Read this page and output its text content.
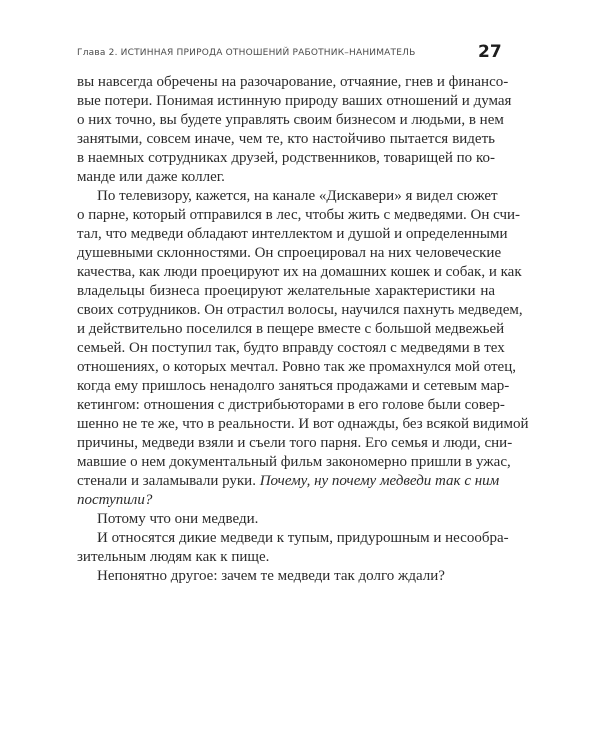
Глава 2. ИСТИННАЯ ПРИРОДА ОТНОШЕНИЙ РАБОТНИК–НАНИМАТЕЛЬ	27
вы навсегда обречены на разочарование, отчаяние, гнев и финансо-
вые потери. Понимая истинную природу ваших отношений и думая
о них точно, вы будете управлять своим бизнесом и людьми, в нем
занятыми, совсем иначе, чем те, кто настойчиво пытается видеть
в наемных сотрудниках друзей, родственников, товарищей по ко-
манде или даже коллег.
По телевизору, кажется, на канале «Дискавери» я видел сюжет
о парне, который отправился в лес, чтобы жить с медведями. Он счи-
тал, что медведи обладают интеллектом и душой и определенными
душевными склонностями. Он спроецировал на них человеческие
качества, как люди проецируют их на домашних кошек и собак, и как
владельцы бизнеса проецируют желательные характеристики на
своих сотрудников. Он отрастил волосы, научился пахнуть медведем,
и действительно поселился в пещере вместе с большой медвежьей
семьей. Он поступил так, будто вправду состоял с медведями в тех
отношениях, о которых мечтал. Ровно так же промахнулся мой отец,
когда ему пришлось ненадолго заняться продажами и сетевым мар-
кетингом: отношения с дистрибьюторами в его голове были совер-
шенно не те же, что в реальности. И вот однажды, без всякой видимой
причины, медведи взяли и съели того парня. Его семья и люди, сни-
мавшие о нем документальный фильм закономерно пришли в ужас,
стенали и заламывали руки. Почему, ну почему медведи так с ним
поступили?
Потому что они медведи.
И относятся дикие медведи к тупым, придурошным и несообра-
зительным людям как к пище.
Непонятно другое: зачем те медведи так долго ждали?
